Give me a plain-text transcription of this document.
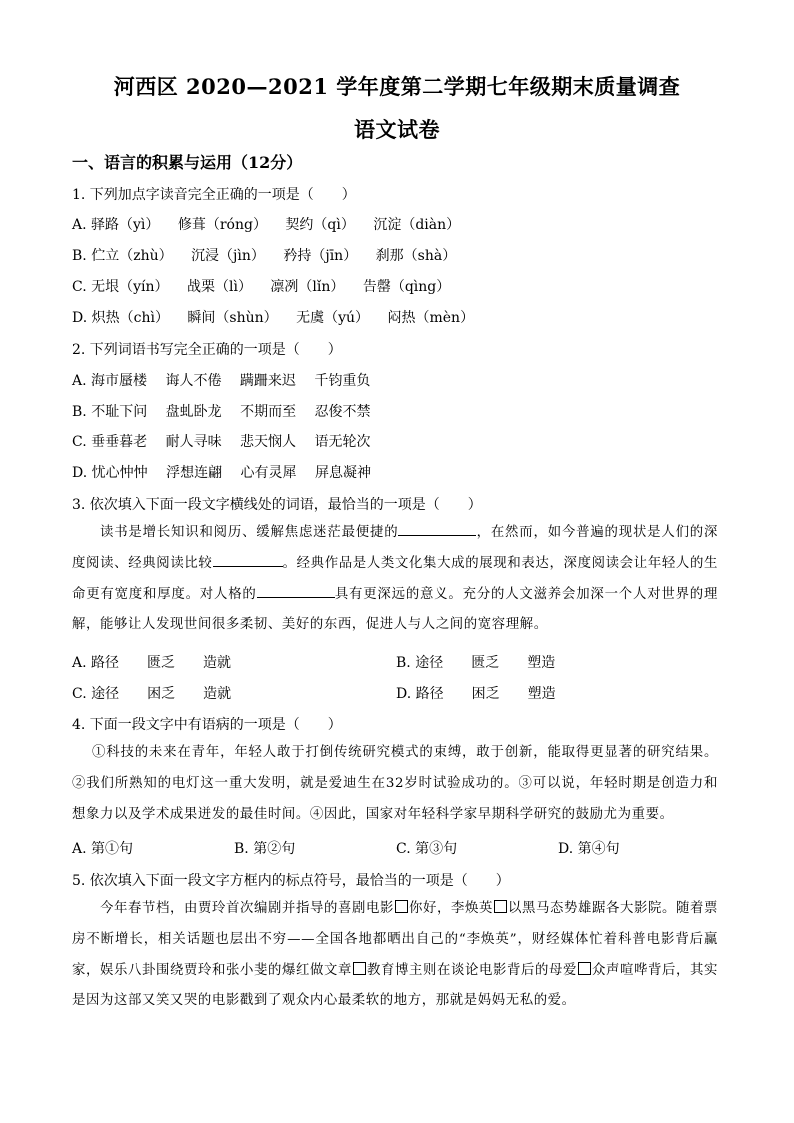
河西区 2020—2021 学年度第二学期七年级期末质量调查
语文试卷
一、语言的积累与运用（12分）
1. 下列加点字读音完全正确的一项是（　　）
A. 驿路（yì） 修葺（róng） 契约（qì） 沉淀（diàn）
B. 伫立（zhù） 沉浸（jìn） 矜持（jīn） 刹那（shà）
C. 无垠（yín） 战栗（lì） 凛冽（lǐn） 告罄（qìng）
D. 炽热（chì） 瞬间（shùn） 无虞（yú） 闷热（mèn）
2. 下列词语书写完全正确的一项是（　　）
A. 海市蜃楼 诲人不倦 蹒跚来迟 千钧重负
B. 不耻下问 盘虬卧龙 不期而至 忍俊不禁
C. 垂垂暮老 耐人寻味 悲天悯人 语无轮次
D. 忧心忡忡 浮想连翩 心有灵犀 屏息凝神
3. 依次填入下面一段文字横线处的词语，最恰当的一项是（　　）
读书是增长知识和阅历、缓解焦虑迷茫最便捷的	，在然而，如今普遍的现状是人们的深度阅读、经典阅读比较	。经典作品是人类文化集大成的展现和表达，深度阅读会让年轻人的生命更有宽度和厚度。对人格的	具有更深远的意义。充分的人文滋养会加深一个人对世界的理解，能够让人发现世间很多柔韧、美好的东西，促进人与人之间的宽容理解。
A. 路径　　匮乏　　造就	B. 途径　　匮乏　　塑造
C. 途径　　困乏　　造就	D. 路径　　困乏　　塑造
4. 下面一段文字中有语病的一项是（　　）
①科技的未来在青年，年轻人敢于打倒传统研究模式的束缚，敢于创新，能取得更显著的研究结果。②我们所熟知的电灯这一重大发明，就是爱迪生在32岁时试验成功的。③可以说，年轻时期是创造力和想象力以及学术成果迸发的最佳时间。④因此，国家对年轻科学家早期科学研究的鼓励尤为重要。
A. 第①句	B. 第②句	C. 第③句	D. 第④句
5. 依次填入下面一段文字方框内的标点符号，最恰当的一项是（　　）
今年春节档，由贾玲首次编剧并指导的喜剧电影 你好，李焕英 以黑马态势雄踞各大影院。随着票房不断增长，相关话题也层出不穷——全国各地都晒出自己的“李焕英”，财经媒体忙着科普电影背后赢家，娱乐八卦围绕贾玲和张小斐的爆红做文章 教育博主则在谈论电影背后的母爱 众声喧哗背后，其实是因为这部又笑又哭的电影戳到了观众内心最柔软的地方，那就是妈妈无私的爱。
